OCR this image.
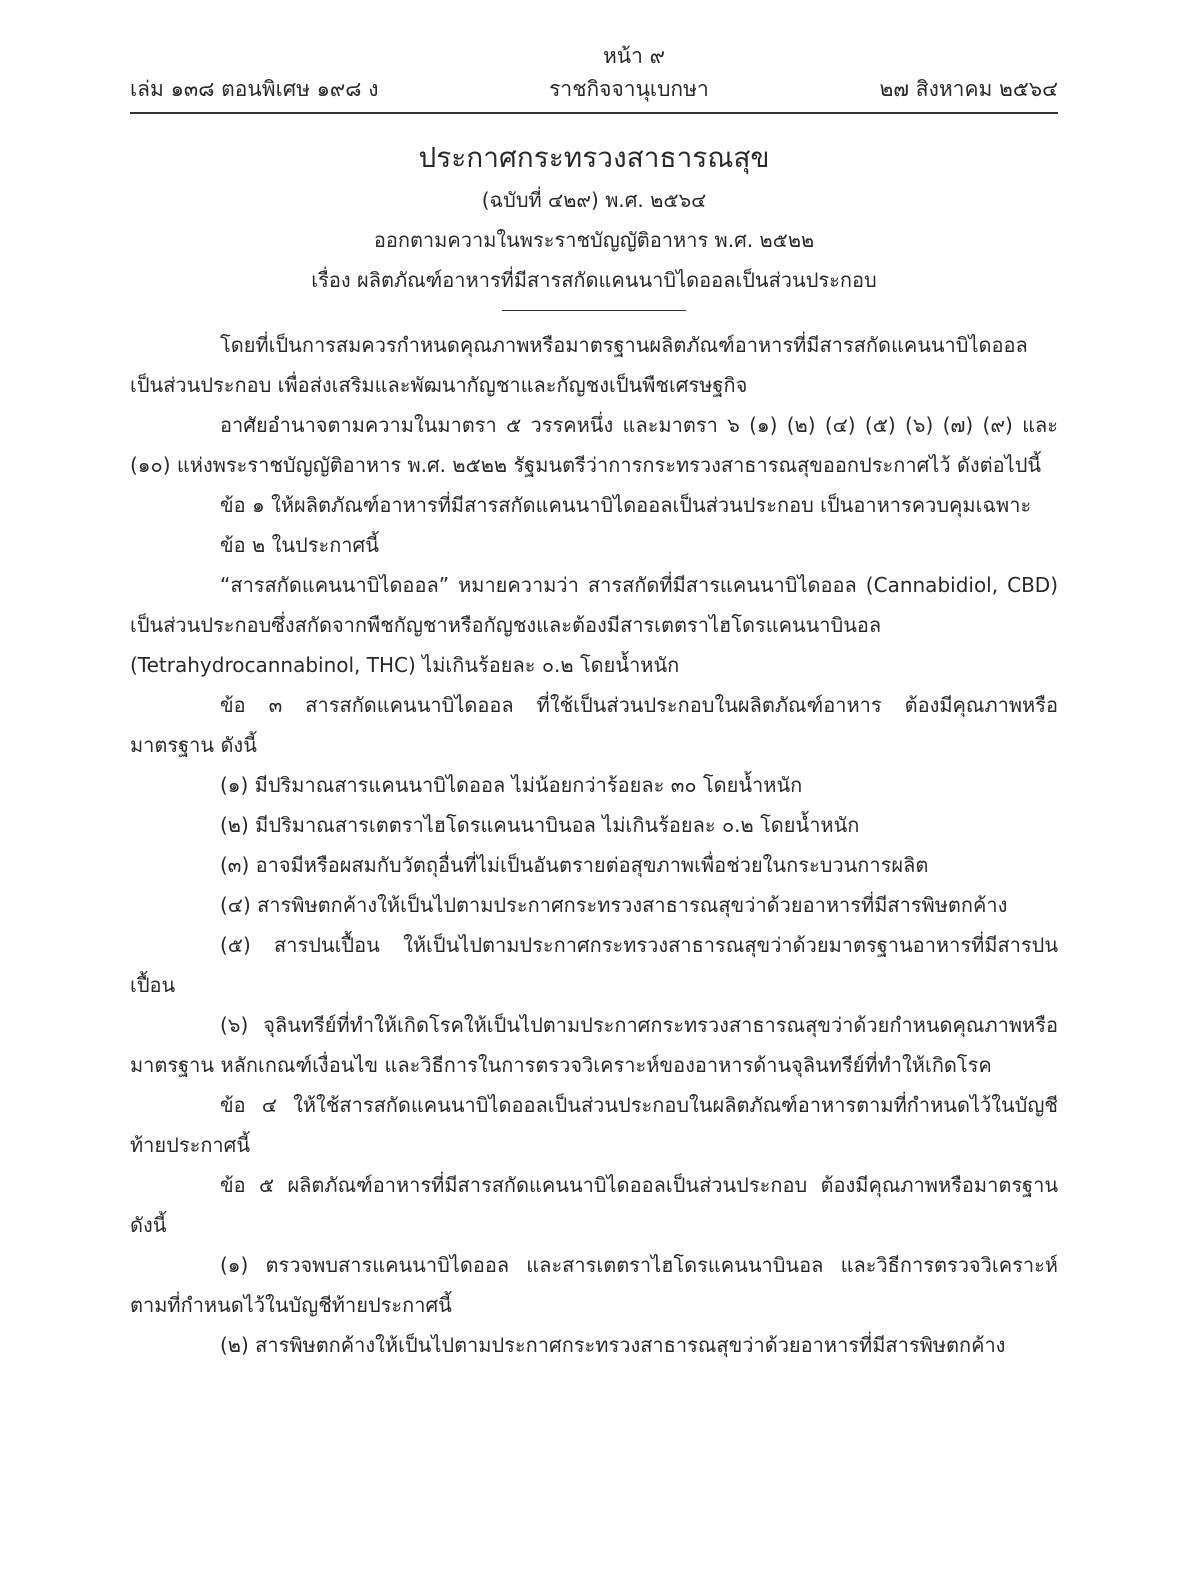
หน้า ๙
เล่ม ๑๓๘ ตอนพิเศษ ๑๙๘ ง	ราชกิจจานุเบกษา	๒๗ สิงหาคม ๒๕๖๔
ประกาศกระทรวงสาธารณสุข
(ฉบับที่ ๔๒๙) พ.ศ. ๒๕๖๔
ออกตามความในพระราชบัญญัติอาหาร พ.ศ. ๒๕๒๒
เรื่อง ผลิตภัณฑ์อาหารที่มีสารสกัดแคนนาบิไดออลเป็นส่วนประกอบ

โดยที่เป็นการสมควรกำหนดคุณภาพหรือมาตรฐานผลิตภัณฑ์อาหารที่มีสารสกัดแคนนาบิไดออลเป็นส่วนประกอบ เพื่อส่งเสริมและพัฒนากัญชาและกัญชงเป็นพืชเศรษฐกิจ

อาศัยอำนาจตามความในมาตรา ๕ วรรคหนึ่ง และมาตรา ๖ (๑) (๒) (๔) (๕) (๖) (๗) (๙) และ (๑๐) แห่งพระราชบัญญัติอาหาร พ.ศ. ๒๕๒๒ รัฐมนตรีว่าการกระทรวงสาธารณสุขออกประกาศไว้ ดังต่อไปนี้

ข้อ ๑ ให้ผลิตภัณฑ์อาหารที่มีสารสกัดแคนนาบิไดออลเป็นส่วนประกอบ เป็นอาหารควบคุมเฉพาะ

ข้อ ๒ ในประกาศนี้

“สารสกัดแคนนาบิไดออล” หมายความว่า สารสกัดที่มีสารแคนนาบิไดออล (Cannabidiol, CBD) เป็นส่วนประกอบซึ่งสกัดจากพืชกัญชาหรือกัญชงและต้องมีสารเตตราไฮโดรแคนนาบินอล (Tetrahydrocannabinol, THC) ไม่เกินร้อยละ ๐.๒ โดยน้ำหนัก

ข้อ ๓ สารสกัดแคนนาบิไดออล ที่ใช้เป็นส่วนประกอบในผลิตภัณฑ์อาหาร ต้องมีคุณภาพหรือมาตรฐาน ดังนี้

(๑) มีปริมาณสารแคนนาบิไดออล ไม่น้อยกว่าร้อยละ ๓๐ โดยน้ำหนัก

(๒) มีปริมาณสารเตตราไฮโดรแคนนาบินอล ไม่เกินร้อยละ ๐.๒ โดยน้ำหนัก

(๓) อาจมีหรือผสมกับวัตถุอื่นที่ไม่เป็นอันตรายต่อสุขภาพเพื่อช่วยในกระบวนการผลิต

(๔) สารพิษตกค้างให้เป็นไปตามประกาศกระทรวงสาธารณสุขว่าด้วยอาหารที่มีสารพิษตกค้าง

(๕) สารปนเปื้อน ให้เป็นไปตามประกาศกระทรวงสาธารณสุขว่าด้วยมาตรฐานอาหารที่มีสารปนเปื้อน

(๖) จุลินทรีย์ที่ทำให้เกิดโรคให้เป็นไปตามประกาศกระทรวงสาธารณสุขว่าด้วยกำหนดคุณภาพหรือมาตรฐาน หลักเกณฑ์เงื่อนไข และวิธีการในการตรวจวิเคราะห์ของอาหารด้านจุลินทรีย์ที่ทำให้เกิดโรค

ข้อ ๔ ให้ใช้สารสกัดแคนนาบิไดออลเป็นส่วนประกอบในผลิตภัณฑ์อาหารตามที่กำหนดไว้ในบัญชีท้ายประกาศนี้

ข้อ ๕ ผลิตภัณฑ์อาหารที่มีสารสกัดแคนนาบิไดออลเป็นส่วนประกอบ ต้องมีคุณภาพหรือมาตรฐาน ดังนี้

(๑) ตรวจพบสารแคนนาบิไดออล และสารเตตราไฮโดรแคนนาบินอล และวิธีการตรวจวิเคราะห์ตามที่กำหนดไว้ในบัญชีท้ายประกาศนี้

(๒) สารพิษตกค้างให้เป็นไปตามประกาศกระทรวงสาธารณสุขว่าด้วยอาหารที่มีสารพิษตกค้าง
